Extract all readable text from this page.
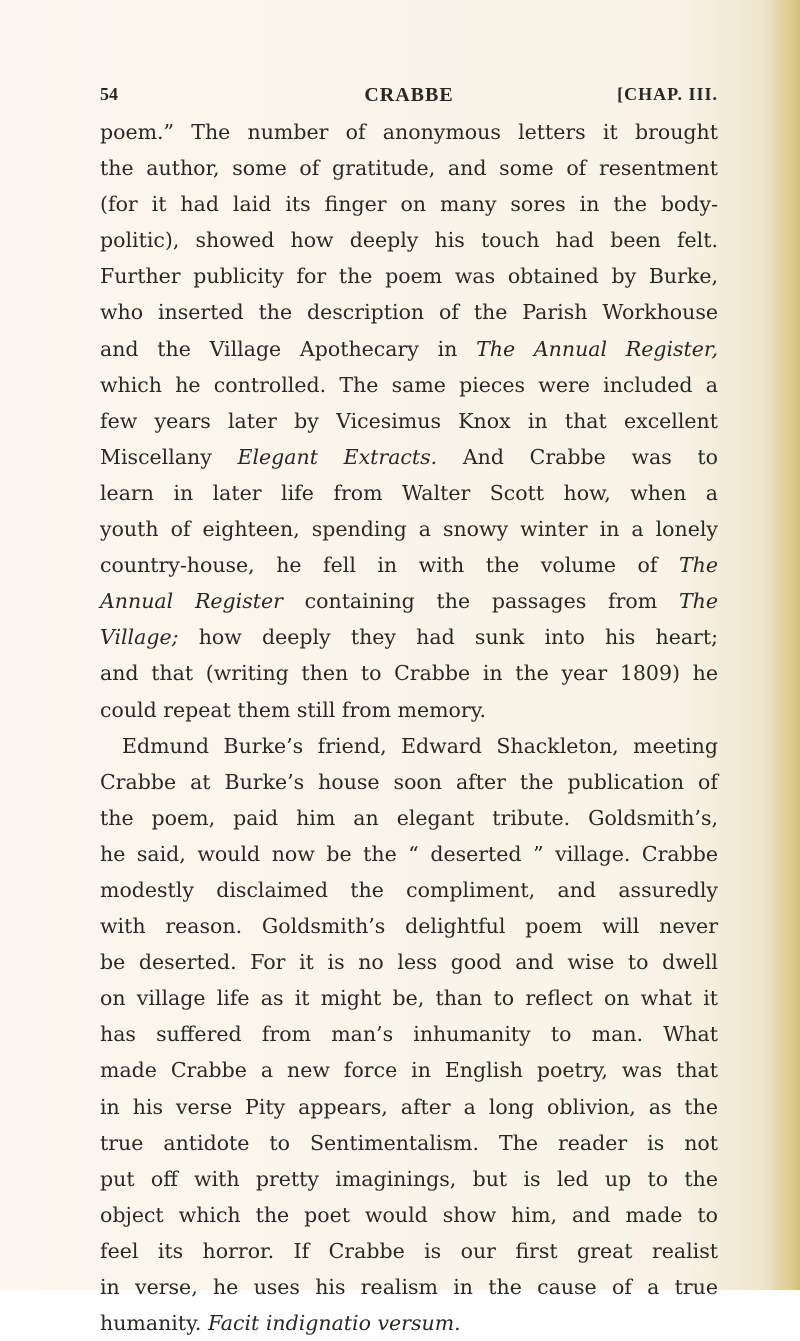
54	CRABBE	[CHAP. III.
poem.” The number of anonymous letters it brought
the author, some of gratitude, and some of resentment
(for it had laid its finger on many sores in the body-
politic), showed how deeply his touch had been felt.
Further publicity for the poem was obtained by Burke,
who inserted the description of the Parish Workhouse
and the Village Apothecary in The Annual Register,
which he controlled. The same pieces were included a
few years later by Vicesimus Knox in that excellent
Miscellany Elegant Extracts. And Crabbe was to
learn in later life from Walter Scott how, when a
youth of eighteen, spending a snowy winter in a lonely
country-house, he fell in with the volume of The
Annual Register containing the passages from The
Village; how deeply they had sunk into his heart;
and that (writing then to Crabbe in the year 1809) he
could repeat them still from memory.
Edmund Burke’s friend, Edward Shackleton, meeting
Crabbe at Burke’s house soon after the publication of
the poem, paid him an elegant tribute. Goldsmith’s,
he said, would now be the “ deserted ” village. Crabbe
modestly disclaimed the compliment, and assuredly
with reason. Goldsmith’s delightful poem will never
be deserted. For it is no less good and wise to dwell
on village life as it might be, than to reflect on what it
has suffered from man’s inhumanity to man. What
made Crabbe a new force in English poetry, was that
in his verse Pity appears, after a long oblivion, as the
true antidote to Sentimentalism. The reader is not
put off with pretty imaginings, but is led up to the
object which the poet would show him, and made to
feel its horror. If Crabbe is our first great realist
in verse, he uses his realism in the cause of a true
humanity. Facit indignatio versum.
